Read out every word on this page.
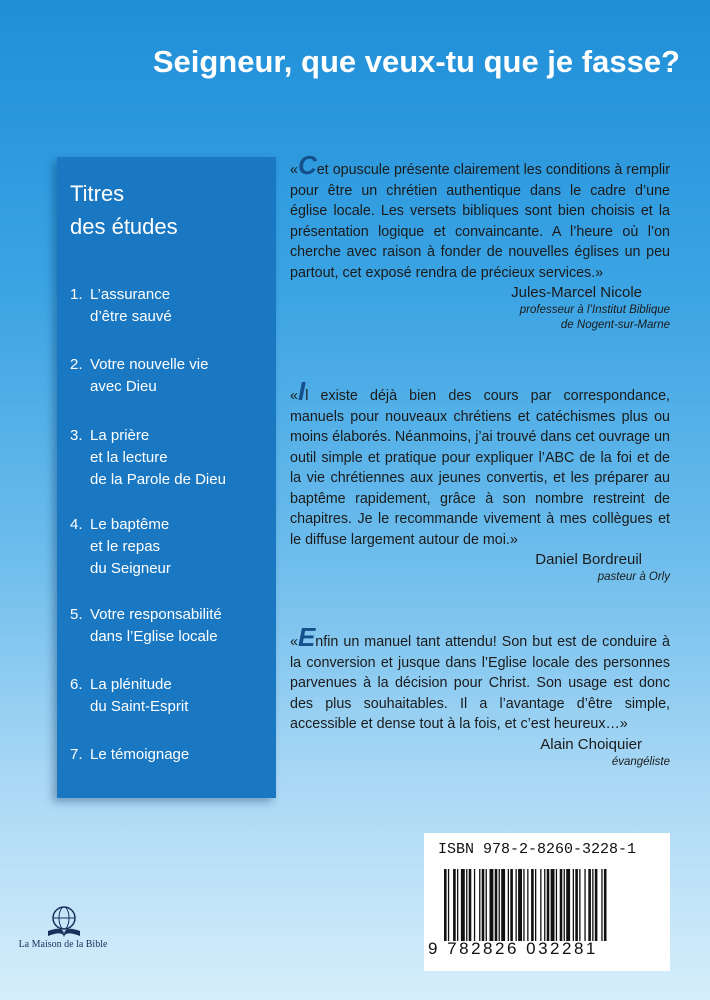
Seigneur, que veux-tu que je fasse?
Titres
des études
1. L’assurance
d’être sauvé
2. Votre nouvelle vie
avec Dieu
3. La prière
et la lecture
de la Parole de Dieu
4. Le baptême
et le repas
du Seigneur
5. Votre responsabilité
dans l’Eglise locale
6. La plénitude
du Saint-Esprit
7. Le témoignage
«Cet opuscule présente clairement les conditions à remplir pour être un chrétien authentique dans le cadre d’une église locale. Les versets bibliques sont bien choisis et la présentation logique et convaincante. A l’heure où l’on cherche avec raison à fonder de nouvelles églises un peu partout, cet exposé rendra de précieux services.»
Jules-Marcel Nicole
professeur à l’Institut Biblique
de Nogent-sur-Marne
«Il existe déjà bien des cours par correspondance, manuels pour nouveaux chrétiens et catéchismes plus ou moins élaborés. Néanmoins, j’ai trouvé dans cet ouvrage un outil simple et pratique pour expliquer l’ABC de la foi et de la vie chrétiennes aux jeunes convertis, et les préparer au baptême rapidement, grâce à son nombre restreint de chapitres. Je le recommande vivement à mes collègues et le diffuse largement autour de moi.»
Daniel Bordreuil
pasteur à Orly
«Enfin un manuel tant attendu! Son but est de conduire à la conversion et jusque dans l’Eglise locale des personnes parvenues à la décision pour Christ. Son usage est donc des plus souhaitables. Il a l’avantage d’être simple, accessible et dense tout à la fois, et c’est heureux…»
Alain Choiquier
évangéliste
ISBN 978-2-8260-3228-1
9 782826 032281
La Maison de la Bible
